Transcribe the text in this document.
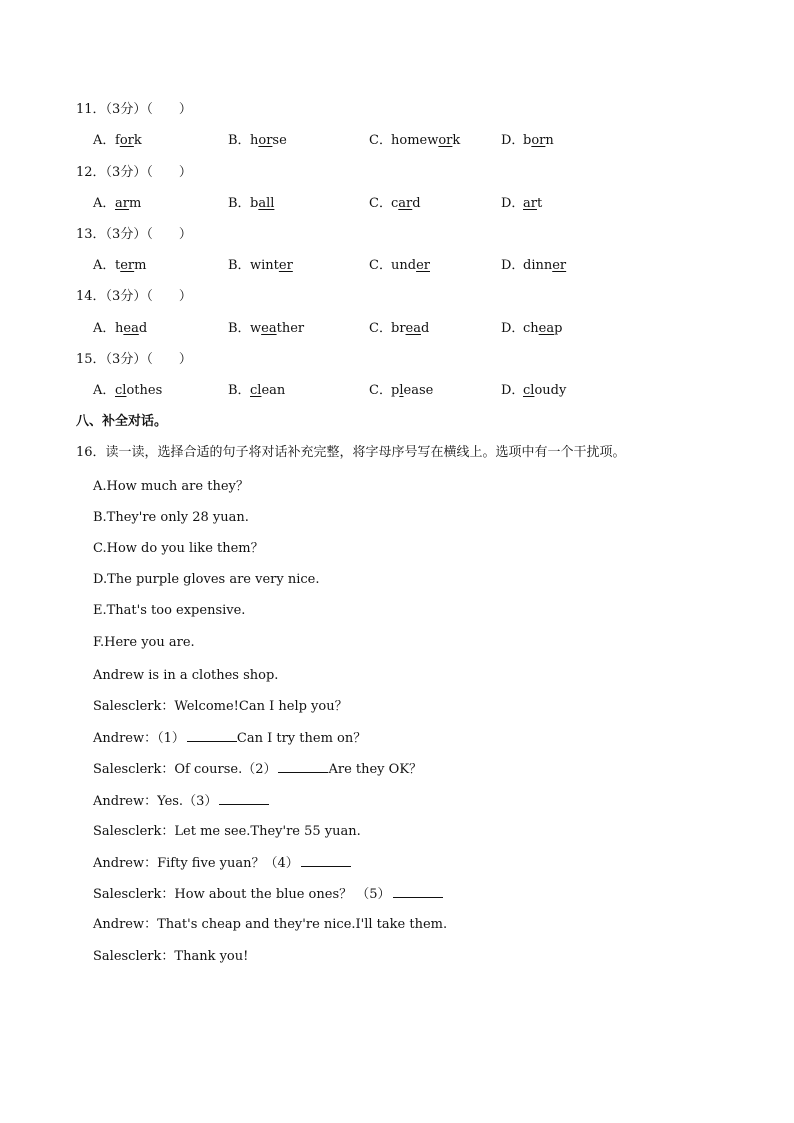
11．（3分）（　　）
A．fork	B．horse	C．homework	D．born
12．（3分）（　　）
A．arm	B．ball	C．card	D．art
13．（3分）（　　）
A．term	B．winter	C．under	D．dinner
14．（3分）（　　）
A．head	B．weather	C．bread	D．cheap
15．（3分）（　　）
A．clothes	B．clean	C．please	D．cloudy
八、补全对话。
16．读一读，选择合适的句子将对话补充完整，将字母序号写在横线上。选项中有一个干扰项。
A.How much are they？
B.They're only 28 yuan.
C.How do you like them？
D.The purple gloves are very nice.
E.That's too expensive.
F.Here you are.
Andrew is in a clothes shop.
Salesclerk：Welcome!Can I help you？
Andrew：（1）	Can I try them on？
Salesclerk：Of course.（2）	Are they OK？
Andrew：Yes.（3）
Salesclerk：Let me see.They're 55 yuan.
Andrew：Fifty five yuan？（4）
Salesclerk：How about the blue ones？ （5）
Andrew：That's cheap and they're nice.I'll take them.
Salesclerk：Thank you!
